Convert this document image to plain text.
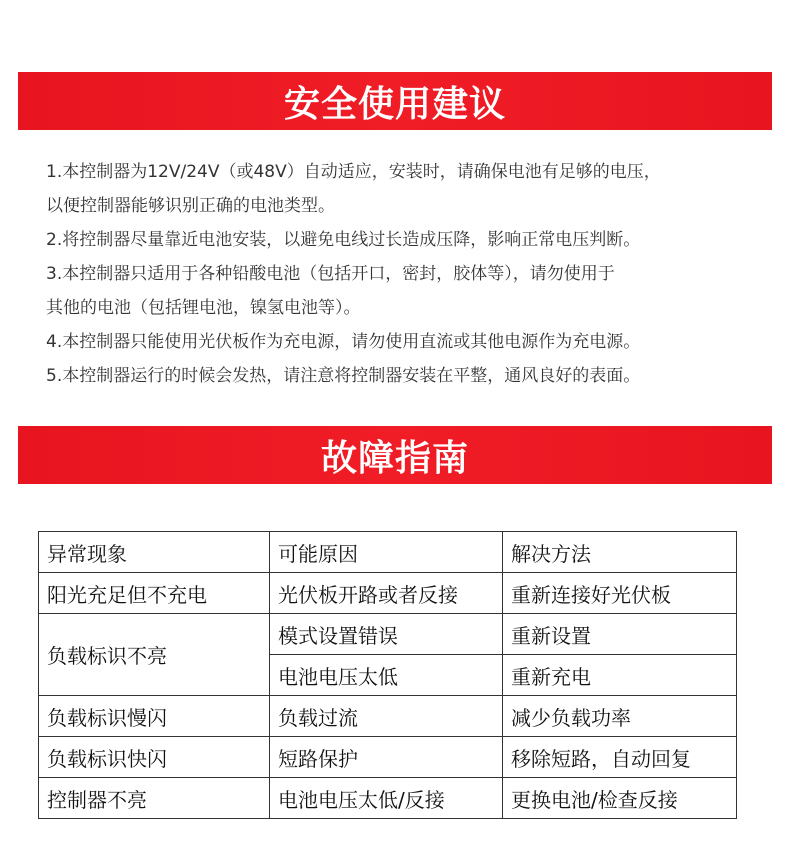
安全使用建议
1.本控制器为12V/24V（或48V）自动适应，安装时，请确保电池有足够的电压，
以便控制器能够识别正确的电池类型。
2.将控制器尽量靠近电池安装，以避免电线过长造成压降，影响正常电压判断。
3.本控制器只适用于各种铅酸电池（包括开口，密封，胶体等），请勿使用于
其他的电池（包括锂电池，镍氢电池等）。
4.本控制器只能使用光伏板作为充电源，请勿使用直流或其他电源作为充电源。
5.本控制器运行的时候会发热，请注意将控制器安装在平整，通风良好的表面。
故障指南
异常现象	可能原因	解决方法
阳光充足但不充电	光伏板开路或者反接	重新连接好光伏板
负载标识不亮	模式设置错误	重新设置
	电池电压太低	重新充电
负载标识慢闪	负载过流	减少负载功率
负载标识快闪	短路保护	移除短路，自动回复
控制器不亮	电池电压太低/反接	更换电池/检查反接
